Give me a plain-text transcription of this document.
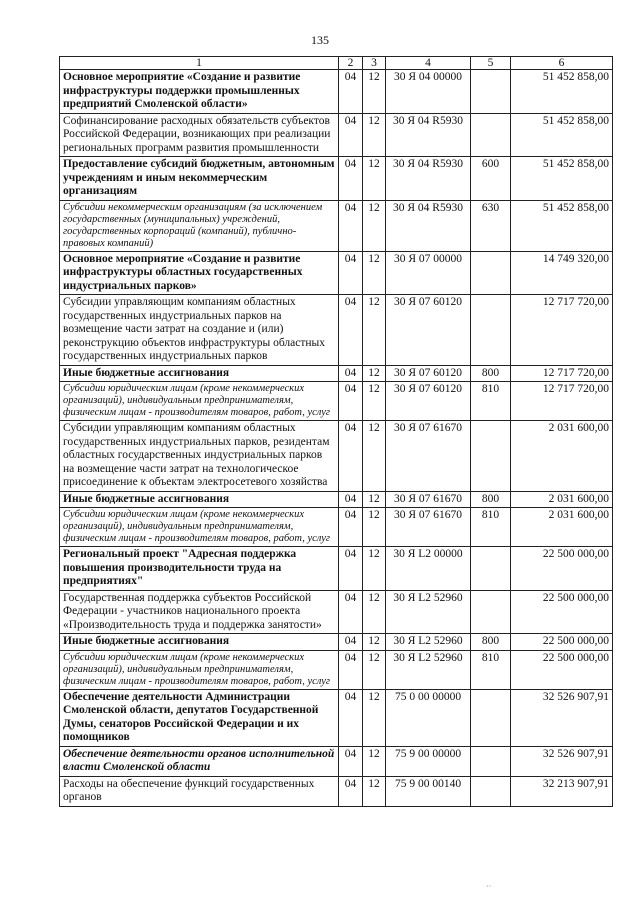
135
1	2	3	4	5	6
Основное мероприятие «Создание и развитие инфраструктуры поддержки промышленных предприятий Смоленской области»	04	12	30 Я 04 00000		51 452 858,00
Софинансирование расходных обязательств субъектов Российской Федерации, возникающих при реализации региональных программ развития промышленности	04	12	30 Я 04 R5930		51 452 858,00
Предоставление субсидий бюджетным, автономным учреждениям и иным некоммерческим организациям	04	12	30 Я 04 R5930	600	51 452 858,00
Субсидии некоммерческим организациям (за исключением государственных (муниципальных) учреждений, государственных корпораций (компаний), публично-правовых компаний)	04	12	30 Я 04 R5930	630	51 452 858,00
Основное мероприятие «Создание и развитие инфраструктуры областных государственных индустриальных парков»	04	12	30 Я 07 00000		14 749 320,00
Субсидии управляющим компаниям областных государственных индустриальных парков на возмещение части затрат на создание и (или) реконструкцию объектов инфраструктуры областных государственных индустриальных парков	04	12	30 Я 07 60120		12 717 720,00
Иные бюджетные ассигнования	04	12	30 Я 07 60120	800	12 717 720,00
Субсидии юридическим лицам (кроме некоммерческих организаций), индивидуальным предпринимателям, физическим лицам - производителям товаров, работ, услуг	04	12	30 Я 07 60120	810	12 717 720,00
Субсидии управляющим компаниям областных государственных индустриальных парков, резидентам областных государственных индустриальных парков на возмещение части затрат на технологическое присоединение к объектам электросетевого хозяйства	04	12	30 Я 07 61670		2 031 600,00
Иные бюджетные ассигнования	04	12	30 Я 07 61670	800	2 031 600,00
Субсидии юридическим лицам (кроме некоммерческих организаций), индивидуальным предпринимателям, физическим лицам - производителям товаров, работ, услуг	04	12	30 Я 07 61670	810	2 031 600,00
Региональный проект "Адресная поддержка повышения производительности труда на предприятиях"	04	12	30 Я L2 00000		22 500 000,00
Государственная поддержка субъектов Российской Федерации - участников национального проекта «Производительность труда и поддержка занятости»	04	12	30 Я L2 52960		22 500 000,00
Иные бюджетные ассигнования	04	12	30 Я L2 52960	800	22 500 000,00
Субсидии юридическим лицам (кроме некоммерческих организаций), индивидуальным предпринимателям, физическим лицам - производителям товаров, работ, услуг	04	12	30 Я L2 52960	810	22 500 000,00
Обеспечение деятельности Администрации Смоленской области, депутатов Государственной Думы, сенаторов Российской Федерации и их помощников	04	12	75 0 00 00000		32 526 907,91
Обеспечение деятельности органов исполнительной власти Смоленской области	04	12	75 9 00 00000		32 526 907,91
Расходы на обеспечение функций государственных органов	04	12	75 9 00 00140		32 213 907,91
··
